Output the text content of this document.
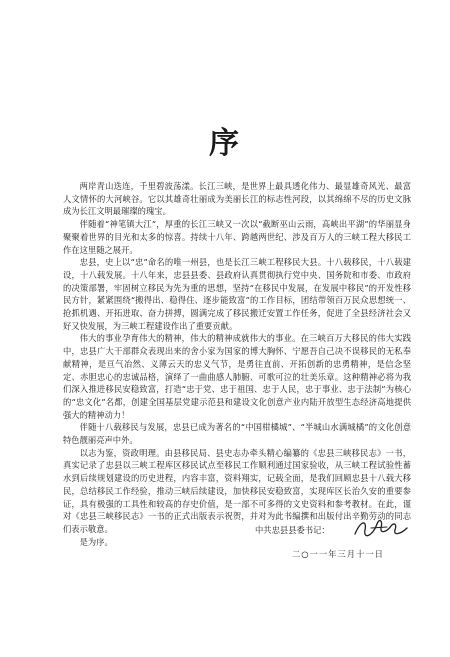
序

两岸青山迭连，千里碧波荡漾。长江三峡，是世界上最具透化伟力、最显雄奇风光、最富人文情怀的大河峡谷。它以其雄奇壮丽成为美丽长江的标志性河段，以其绵绵不尽的历史文脉成为长江文明最璀璨的瑰宝。

伴随着“神笔镇大江”，厚重的长江三峡又一次以“截断巫山云雨，高峡出平湖”的华丽显身聚聚着世界的目光和太多的惊喜。持续十八年、跨越两世纪、涉及百万人的三峡工程大移民工作在这里随之展开。

忠县，史上以“忠”命名的唯一州县，也是长江三峡工程移民大县。十八载移民，十八载建设，十八载发展。十八年来，忠县县委、县政府认真贯彻执行党中央、国务院和市委、市政府的决策部署，牢固树立移民为先为重的思想，坚持“在移民中发展，在发展中移民”的开发性移民方针，紧紧围绕“搬得出、稳得住、逐步能致富”的工作目标，团结带领百万民众思想统一、抢抓机遇、开拓进取、奋力拼搏，圆满完成了移民搬迁安置工作任务，促进了全县经济社会又好又快发展，为三峡工程建设作出了重要贡献。

伟大的事业孕育伟大的精神，伟大的精神成就伟大的事业。在三峡百万大移民的伟大实践中，忠县广大干部群众表现出来的舍小家为国家的博大胸怀、宁愿吾自己决不误移民的无私奉献精神，是亘气冶然、义薄云天的忠义气节，是勇往直前、开拓创新的忠勇精神，是信念坚定、赤胆忠心的忠诚品格，演绎了一曲曲感人肺腑、可歌可泣的壮美乐章。这种精神必将为我们深入推进移民安稳致富，打造“忠于党、忠于祖国、忠于人民，忠于事业、忠于法制”为核心的“忠文化”名都，创建全国基层党建示范县和建设文化创意产业内陆开放型生态经济高地提供强大的精神动力！

伴随十八载移民与发展，忠县已成为著名的“中国柑橘城”、“半城山水满城橘”的文化创意特色靓丽亮声中外。

以志为鉴，资政明理。由县移民局、县史志办牵头精心编纂的《忠县三峡移民志》一书，真实记录了忠县以三峡工程库区移民试点至移民工作顺利通过国家验收，从三峡工程试验性蓄水到后续规划建设的历史进程，内容丰富，资料翔实，记载全面，是我们回顾忠县十八载大移民，总结移民工作经验，推动三峡后续建设，加快移民安稳致富，实现库区长治久安的重要参证，具有极强的工具性和较高的存史价值，是一部不可多得的文史资料和参考教材。在此，谨对《忠县三峡移民志》一书的正式出版表示祝贺，并对为此书编撰和出版付出辛勤劳动的同志们表示敬意。

是为序。

中共忠县县委书记：
二○一一年三月十一日
